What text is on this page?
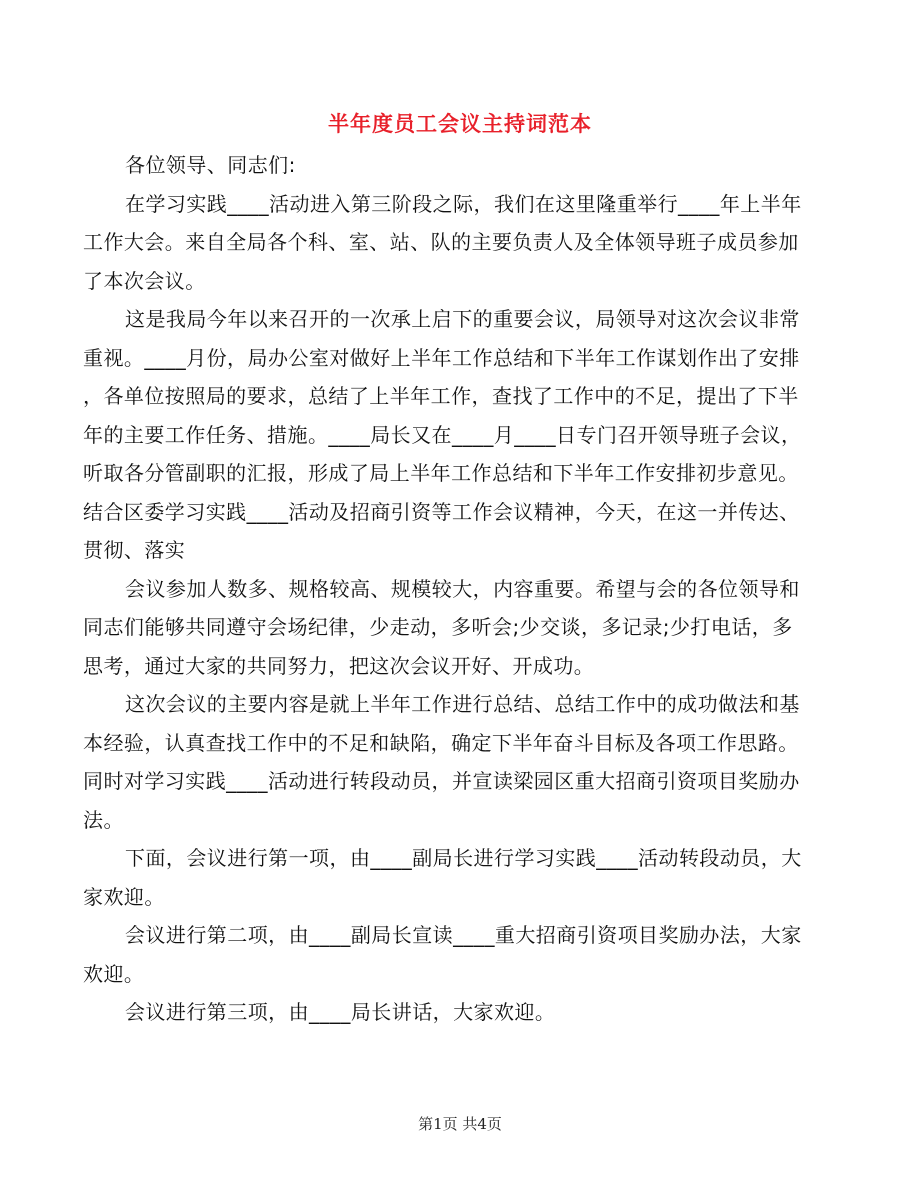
半年度员工会议主持词范本
各位领导、同志们:
在学习实践____活动进入第三阶段之际，我们在这里隆重举行____年上半年
工作大会。来自全局各个科、室、站、队的主要负责人及全体领导班子成员参加
了本次会议。
这是我局今年以来召开的一次承上启下的重要会议，局领导对这次会议非常
重视。____月份，局办公室对做好上半年工作总结和下半年工作谋划作出了安排
，各单位按照局的要求，总结了上半年工作，查找了工作中的不足，提出了下半
年的主要工作任务、措施。____局长又在____月____日专门召开领导班子会议，
听取各分管副职的汇报，形成了局上半年工作总结和下半年工作安排初步意见。
结合区委学习实践____活动及招商引资等工作会议精神，今天，在这一并传达、
贯彻、落实
会议参加人数多、规格较高、规模较大，内容重要。希望与会的各位领导和
同志们能够共同遵守会场纪律，少走动，多听会;少交谈，多记录;少打电话，多
思考，通过大家的共同努力，把这次会议开好、开成功。
这次会议的主要内容是就上半年工作进行总结、总结工作中的成功做法和基
本经验，认真查找工作中的不足和缺陷，确定下半年奋斗目标及各项工作思路。
同时对学习实践____活动进行转段动员，并宣读梁园区重大招商引资项目奖励办
法。
下面，会议进行第一项，由____副局长进行学习实践____活动转段动员，大
家欢迎。
会议进行第二项，由____副局长宣读____重大招商引资项目奖励办法，大家
欢迎。
会议进行第三项，由____局长讲话，大家欢迎。
第1页 共4页
